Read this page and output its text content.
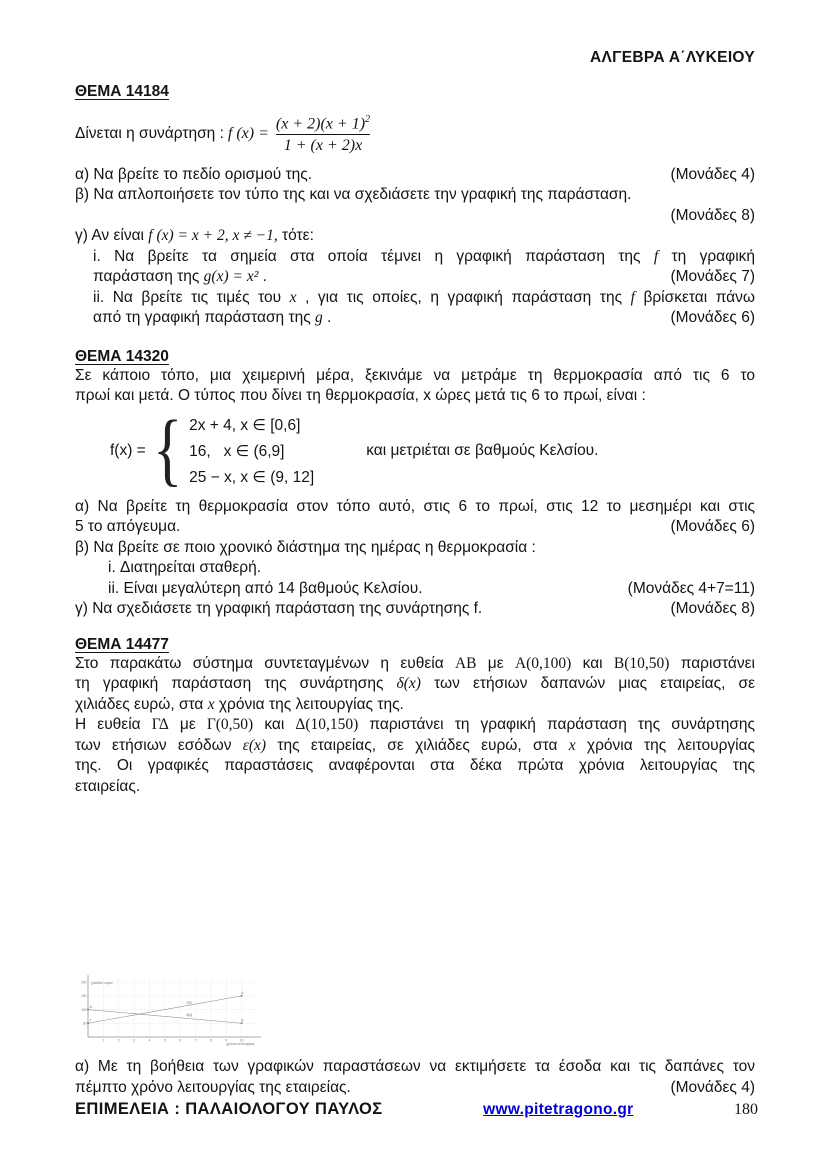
ΑΛΓΕΒΡΑ Α΄ΛΥΚΕΙΟΥ
ΘΕΜΑ 14184
Δίνεται η συνάρτηση : f $(x) = \frac{(x + 2)(x + 1)^2}{1 + (x + 2)x}$
α) Να βρείτε το πεδίο ορισμού της.	(Μονάδες 4)
β) Να απλοποιήσετε τον τύπο της και να σχεδιάσετε την γραφική της παράσταση.
(Μονάδες 8)
γ) Αν είναι f (x) = x + 2, x ≠ −1, τότε:
i. Να βρείτε τα σημεία στα οποία τέμνει η γραφική παράσταση της f τη γραφική
παράσταση της g(x) = x² .	(Μονάδες 7)
ii. Να βρείτε τις τιμές του x , για τις οποίες, η γραφική παράσταση της f βρίσκεται πάνω
από τη γραφική παράσταση της g .	(Μονάδες 6)
ΘΕΜΑ 14320
Σε κάποιο τόπο, μια χειμερινή μέρα, ξεκινάμε να μετράμε τη θερμοκρασία από τις 6 το
πρωί και μετά. Ο τύπος που δίνει τη θερμοκρασία, x ώρες μετά τις 6 το πρωί, είναι :
f(x) = { 2x + 4, x ∈ [0,6]
16,   x ∈ (6,9]
25 − x, x ∈ (9, 12]
και μετριέται σε βαθμούς Κελσίου.
α) Να βρείτε τη θερμοκρασία στον τόπο αυτό, στις 6 το πρωί, στις 12 το μεσημέρι και στις
5 το απόγευμα.	(Μονάδες 6)
β) Να βρείτε σε ποιο χρονικό διάστημα της ημέρας η θερμοκρασία :
i. Διατηρείται σταθερή.
ii. Είναι μεγαλύτερη από 14 βαθμούς Κελσίου.	(Μονάδες 4+7=11)
γ) Να σχεδιάσετε τη γραφική παράσταση της συνάρτησης f.	(Μονάδες 8)
ΘΕΜΑ 14477
Στο παρακάτω σύστημα συντεταγμένων η ευθεία ΑΒ με Α(0,100) και Β(10,50) παριστάνει
τη γραφική παράσταση της συνάρτησης δ(x) των ετήσιων δαπανών μιας εταιρείας, σε
χιλιάδες ευρώ, στα x χρόνια της λειτουργίας της.
Η ευθεία ΓΔ με Γ(0,50) και Δ(10,150) παριστάνει τη γραφική παράσταση της συνάρτησης
των ετήσιων εσόδων ε(x) της εταιρείας, σε χιλιάδες ευρώ, στα x χρόνια της λειτουργίας
της. Οι γραφικές παραστάσεις αναφέρονται στα δέκα πρώτα χρόνια λειτουργίας της
εταιρείας.
1	2	3	4	5	6	7	8	9	10
50
100
150
200 χιλιάδες ευρώ
χρόνια λειτουργίας
Α
Β
δ(x)
Γ
Δ
ε(x)
α) Με τη βοήθεια των γραφικών παραστάσεων να εκτιμήσετε τα έσοδα και τις δαπάνες τον
πέμπτο χρόνο λειτουργίας της εταιρείας.	(Μονάδες 4)
ΕΠΙΜΕΛΕΙΑ : ΠΑΛΑΙΟΛΟΓΟΥ ΠΑΥΛΟΣ	www.pitetragono.gr	180
